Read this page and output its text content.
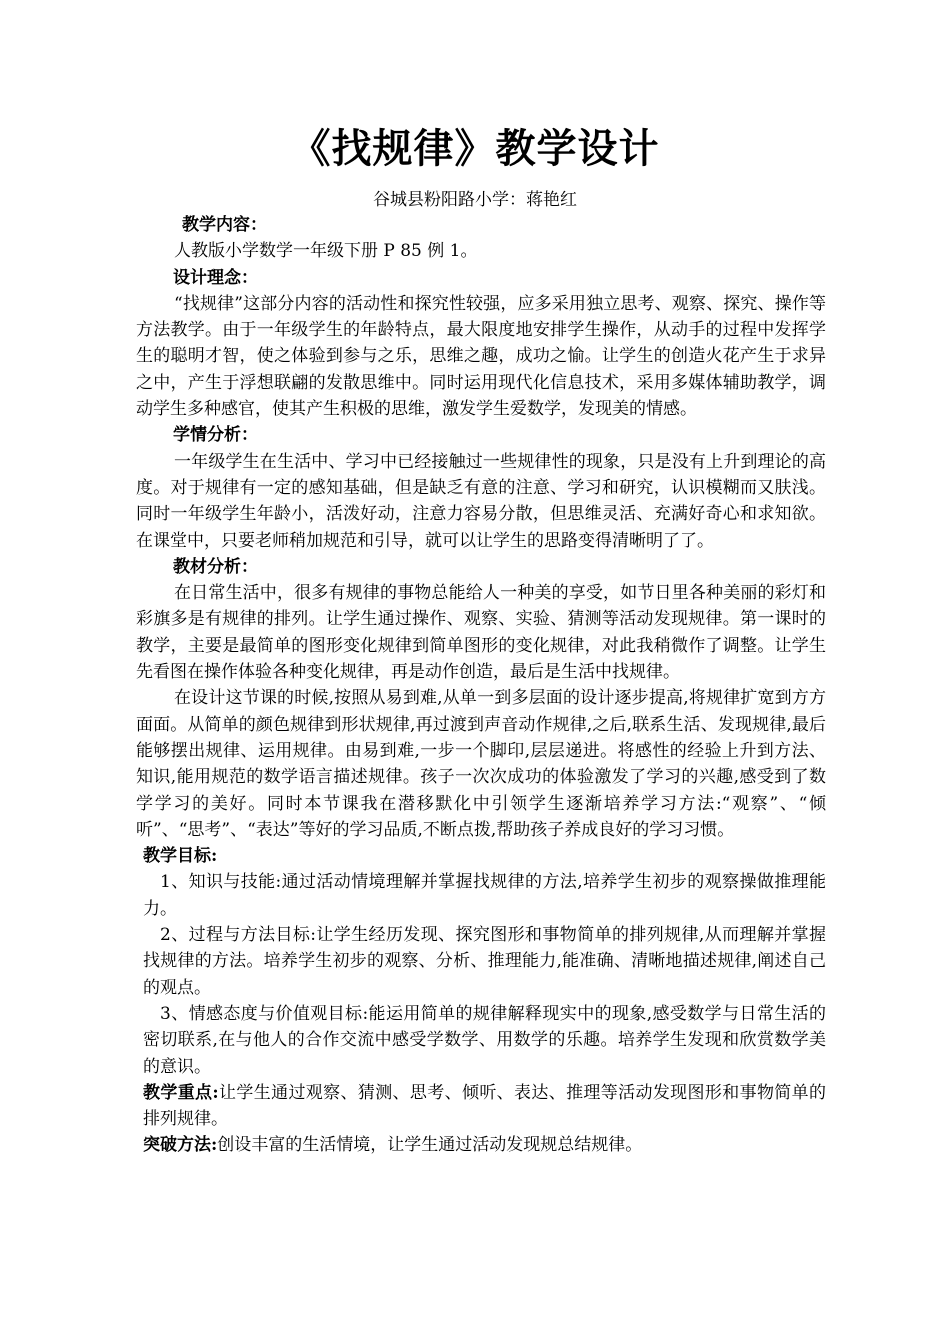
《找规律》教学设计
谷城县粉阳路小学：蒋艳红

教学内容：

人教版小学数学一年级下册 P 85 例 1。

设计理念：

“找规律”这部分内容的活动性和探究性较强，应多采用独立思考、观察、探究、操作等方法教学。由于一年级学生的年龄特点，最大限度地安排学生操作，从动手的过程中发挥学生的聪明才智，使之体验到参与之乐，思维之趣，成功之愉。让学生的创造火花产生于求异之中，产生于浮想联翩的发散思维中。同时运用现代化信息技术，采用多媒体辅助教学，调动学生多种感官，使其产生积极的思维，激发学生爱数学，发现美的情感。

学情分析：

一年级学生在生活中、学习中已经接触过一些规律性的现象，只是没有上升到理论的高度。对于规律有一定的感知基础，但是缺乏有意的注意、学习和研究，认识模糊而又肤浅。同时一年级学生年龄小，活泼好动，注意力容易分散，但思维灵活、充满好奇心和求知欲。在课堂中，只要老师稍加规范和引导，就可以让学生的思路变得清晰明了了。

教材分析：

在日常生活中，很多有规律的事物总能给人一种美的享受，如节日里各种美丽的彩灯和彩旗多是有规律的排列。让学生通过操作、观察、实验、猜测等活动发现规律。第一课时的教学，主要是最简单的图形变化规律到简单图形的变化规律，对此我稍微作了调整。让学生先看图在操作体验各种变化规律，再是动作创造，最后是生活中找规律。

在设计这节课的时候,按照从易到难,从单一到多层面的设计逐步提高,将规律扩宽到方方面面。从简单的颜色规律到形状规律,再过渡到声音动作规律,之后,联系生活、发现规律,最后能够摆出规律、运用规律。由易到难,一步一个脚印,层层递进。将感性的经验上升到方法、知识,能用规范的数学语言描述规律。孩子一次次成功的体验激发了学习的兴趣,感受到了数学学习的美好。同时本节课我在潜移默化中引领学生逐渐培养学习方法:“观察”、“倾听”、“思考”、“表达”等好的学习品质,不断点拨,帮助孩子养成良好的学习习惯。

教学目标:

1、知识与技能:通过活动情境理解并掌握找规律的方法,培养学生初步的观察操做推理能力。

2、过程与方法目标:让学生经历发现、探究图形和事物简单的排列规律,从而理解并掌握找规律的方法。培养学生初步的观察、分析、推理能力,能准确、清晰地描述规律,阐述自己的观点。

3、情感态度与价值观目标:能运用简单的规律解释现实中的现象,感受数学与日常生活的密切联系,在与他人的合作交流中感受学数学、用数学的乐趣。培养学生发现和欣赏数学美的意识。

教学重点:让学生通过观察、猜测、思考、倾听、表达、推理等活动发现图形和事物简单的排列规律。

突破方法:创设丰富的生活情境，让学生通过活动发现规总结规律。
